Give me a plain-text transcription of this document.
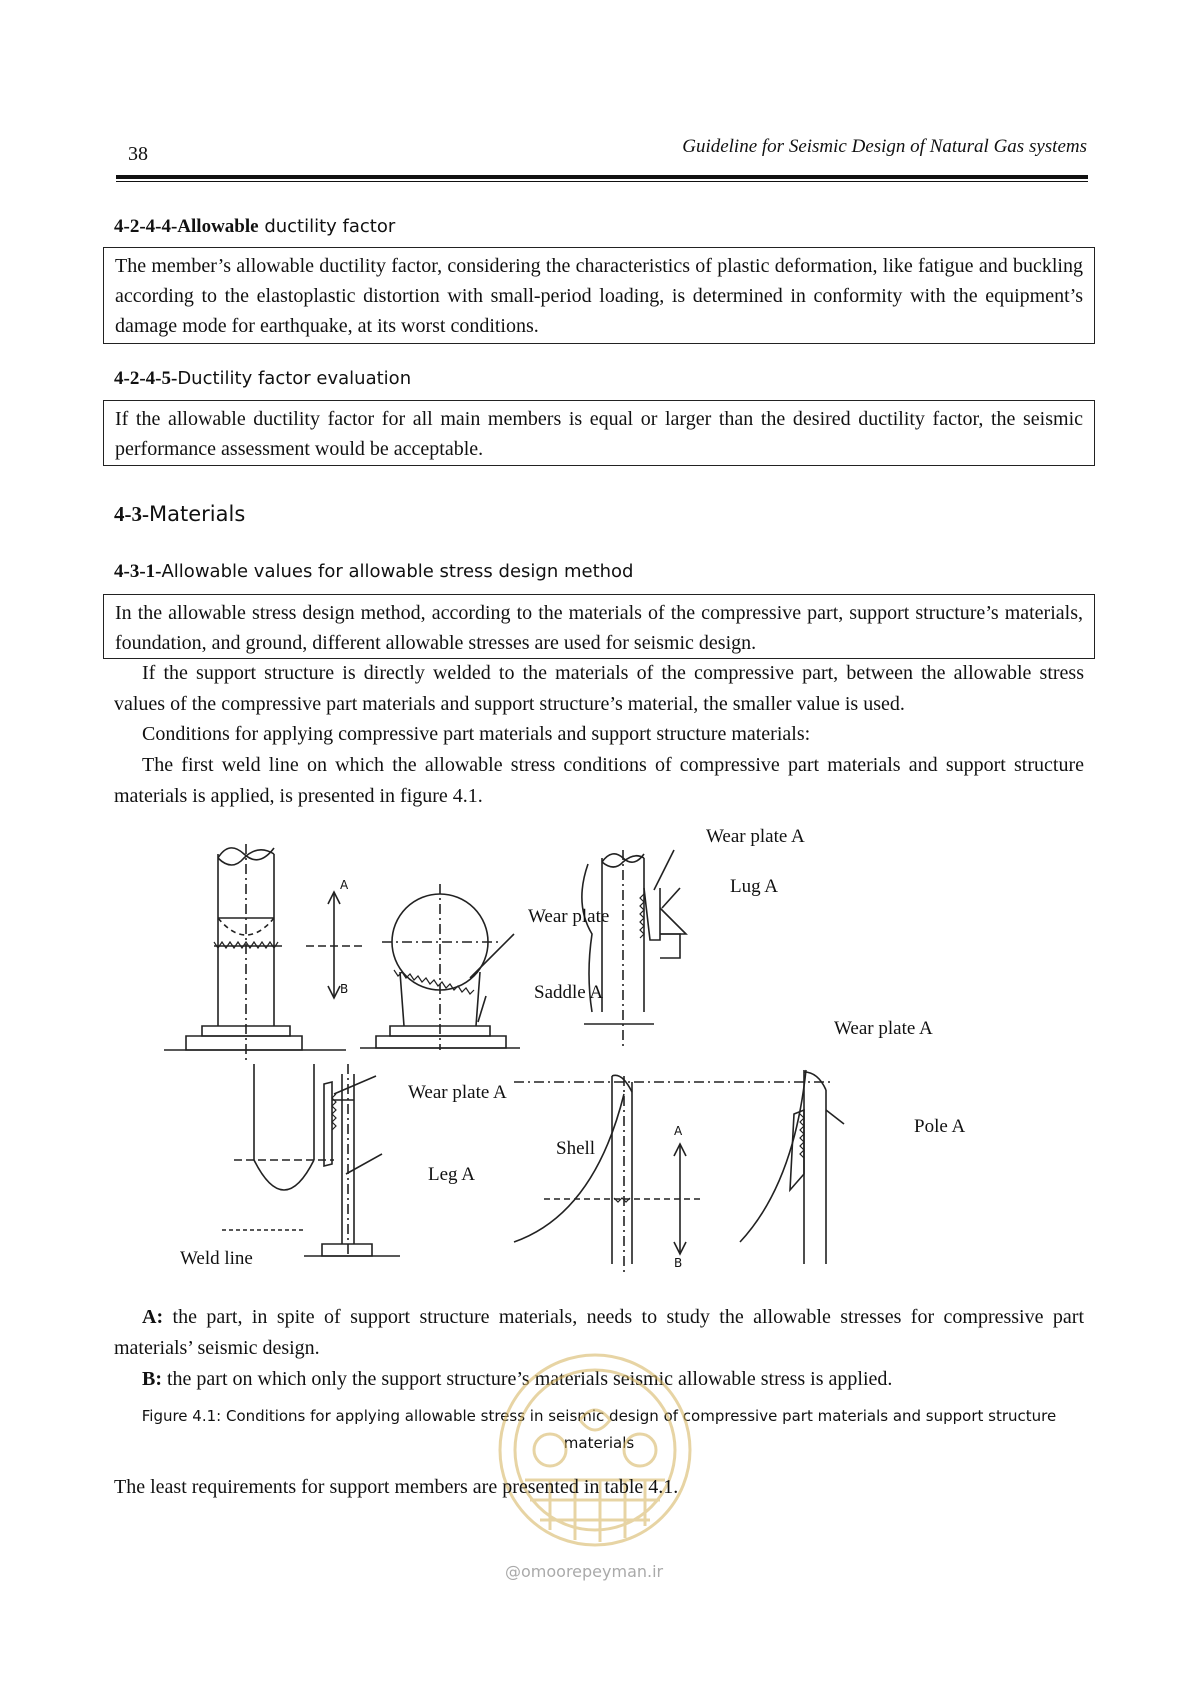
38	Guideline for Seismic Design of Natural Gas systems
4-2-4-4-Allowable ductility factor
The member’s allowable ductility factor, considering the characteristics of plastic deformation, like fatigue and buckling according to the elastoplastic distortion with small-period loading, is determined in conformity with the equipment’s damage mode for earthquake, at its worst conditions.
4-2-4-5-Ductility factor evaluation
If the allowable ductility factor for all main members is equal or larger than the desired ductility factor, the seismic performance assessment would be acceptable.
4-3-Materials
4-3-1-Allowable values for allowable stress design method
In the allowable stress design method, according to the materials of the compressive part, support structure’s materials, foundation, and ground, different allowable stresses are used for seismic design.
If the support structure is directly welded to the materials of the compressive part, between the allowable stress values of the compressive part materials and support structure’s material, the smaller value is used.
Conditions for applying compressive part materials and support structure materials:
The first weld line on which the allowable stress conditions of compressive part materials and support structure materials is applied, is presented in figure 4.1.
Wear plate A
Lug A
Wear plate
Saddle A
Wear plate A
Wear plate A
Shell
Pole A
Leg A
Weld line
A
B
A
B
A: the part, in spite of support structure materials, needs to study the allowable stresses for compressive part materials’ seismic design.
B: the part on which only the support structure’s materials seismic allowable stress is applied.
Figure 4.1: Conditions for applying allowable stress in seismic design of compressive part materials and support structure materials
@omoorepeyman.ir
The least requirements for support members are presented in table 4.1.
